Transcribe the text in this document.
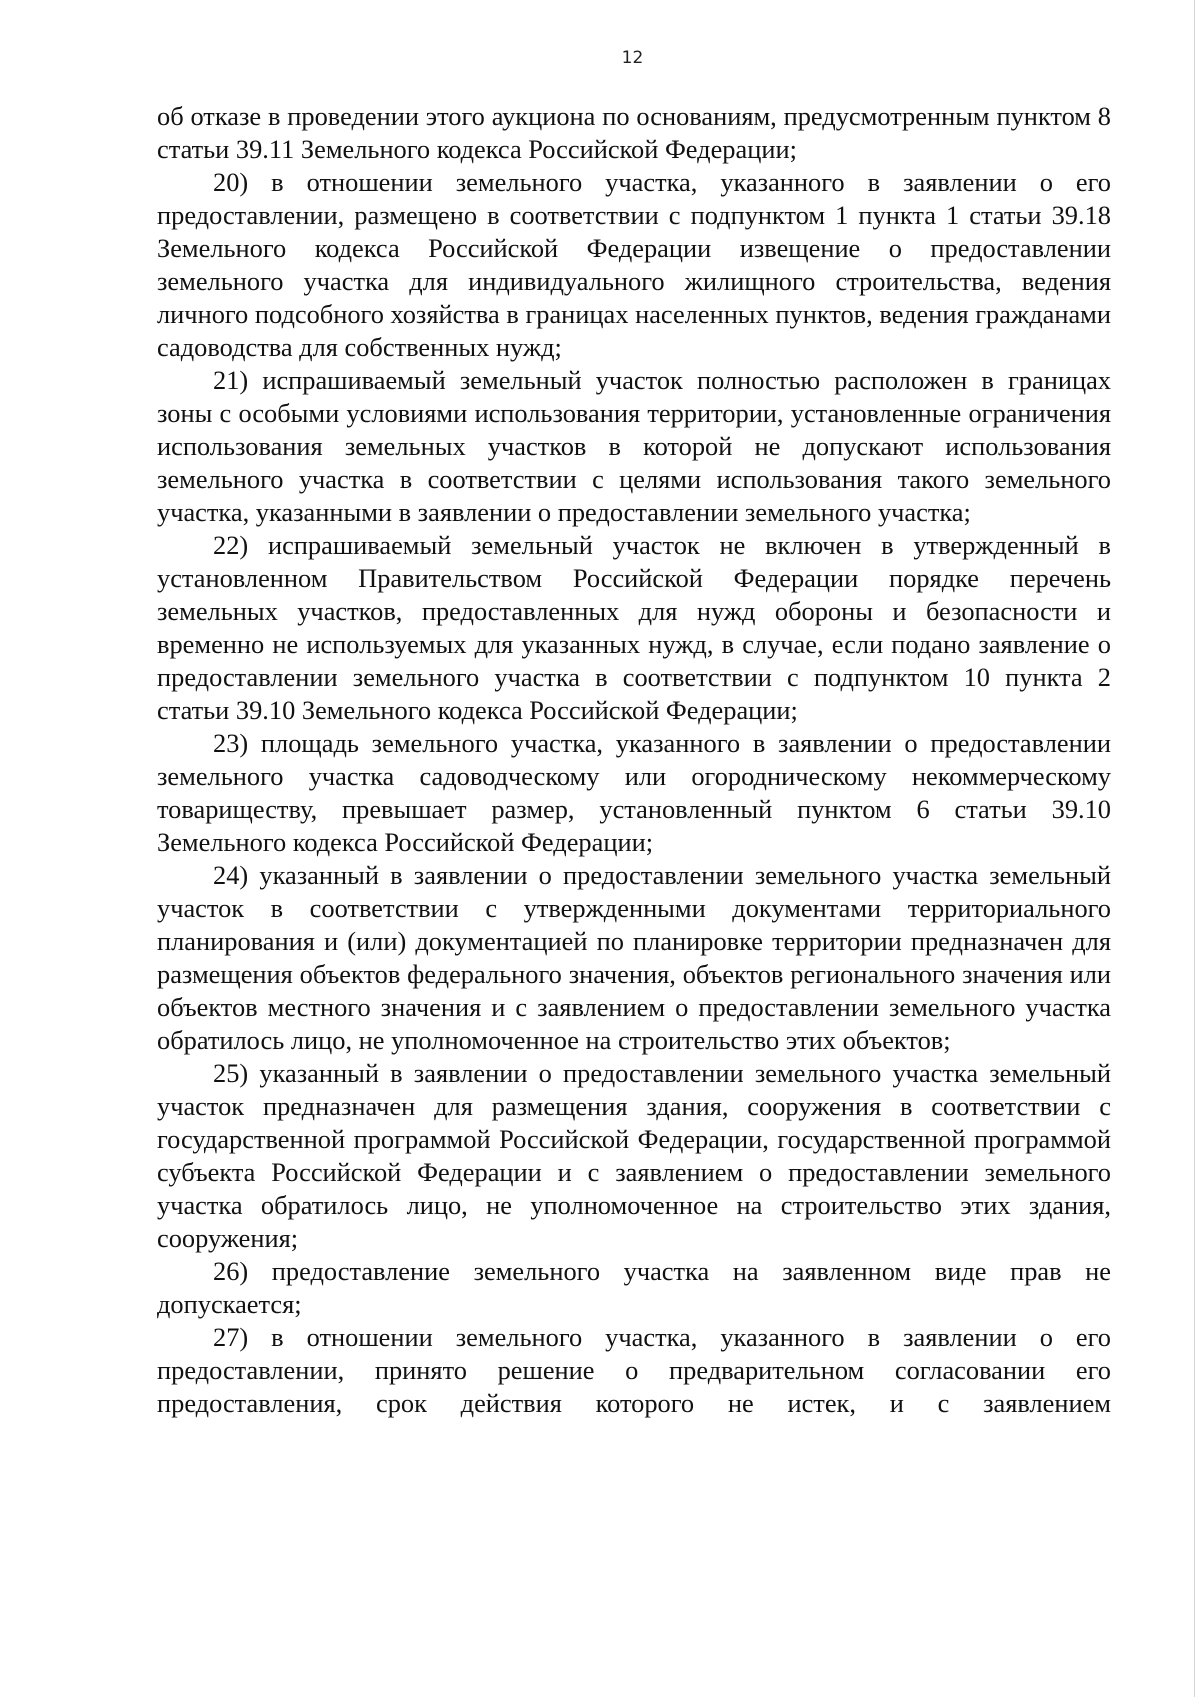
12

об отказе в проведении этого аукциона по основаниям, предусмотренным пунктом 8 статьи 39.11 Земельного кодекса Российской Федерации;

20) в отношении земельного участка, указанного в заявлении о его предоставлении, размещено в соответствии с подпунктом 1 пункта 1 статьи 39.18 Земельного кодекса Российской Федерации извещение о предоставлении земельного участка для индивидуального жилищного строительства, ведения личного подсобного хозяйства в границах населенных пунктов, ведения гражданами садоводства для собственных нужд;

21) испрашиваемый земельный участок полностью расположен в границах зоны с особыми условиями использования территории, установленные ограничения использования земельных участков в которой не допускают использования земельного участка в соответствии с целями использования такого земельного участка, указанными в заявлении о предоставлении земельного участка;

22) испрашиваемый земельный участок не включен в утвержденный в установленном Правительством Российской Федерации порядке перечень земельных участков, предоставленных для нужд обороны и безопасности и временно не используемых для указанных нужд, в случае, если подано заявление о предоставлении земельного участка в соответствии с подпунктом 10 пункта 2 статьи 39.10 Земельного кодекса Российской Федерации;

23) площадь земельного участка, указанного в заявлении о предоставлении земельного участка садоводческому или огородническому некоммерческому товариществу, превышает размер, установленный пунктом 6 статьи 39.10 Земельного кодекса Российской Федерации;

24) указанный в заявлении о предоставлении земельного участка земельный участок в соответствии с утвержденными документами территориального планирования и (или) документацией по планировке территории предназначен для размещения объектов федерального значения, объектов регионального значения или объектов местного значения и с заявлением о предоставлении земельного участка обратилось лицо, не уполномоченное на строительство этих объектов;

25) указанный в заявлении о предоставлении земельного участка земельный участок предназначен для размещения здания, сооружения в соответствии с государственной программой Российской Федерации, государственной программой субъекта Российской Федерации и с заявлением о предоставлении земельного участка обратилось лицо, не уполномоченное на строительство этих здания, сооружения;

26) предоставление земельного участка на заявленном виде прав не допускается;

27) в отношении земельного участка, указанного в заявлении о его предоставлении, принято решение о предварительном согласовании его предоставления, срок действия которого не истек, и с заявлением
